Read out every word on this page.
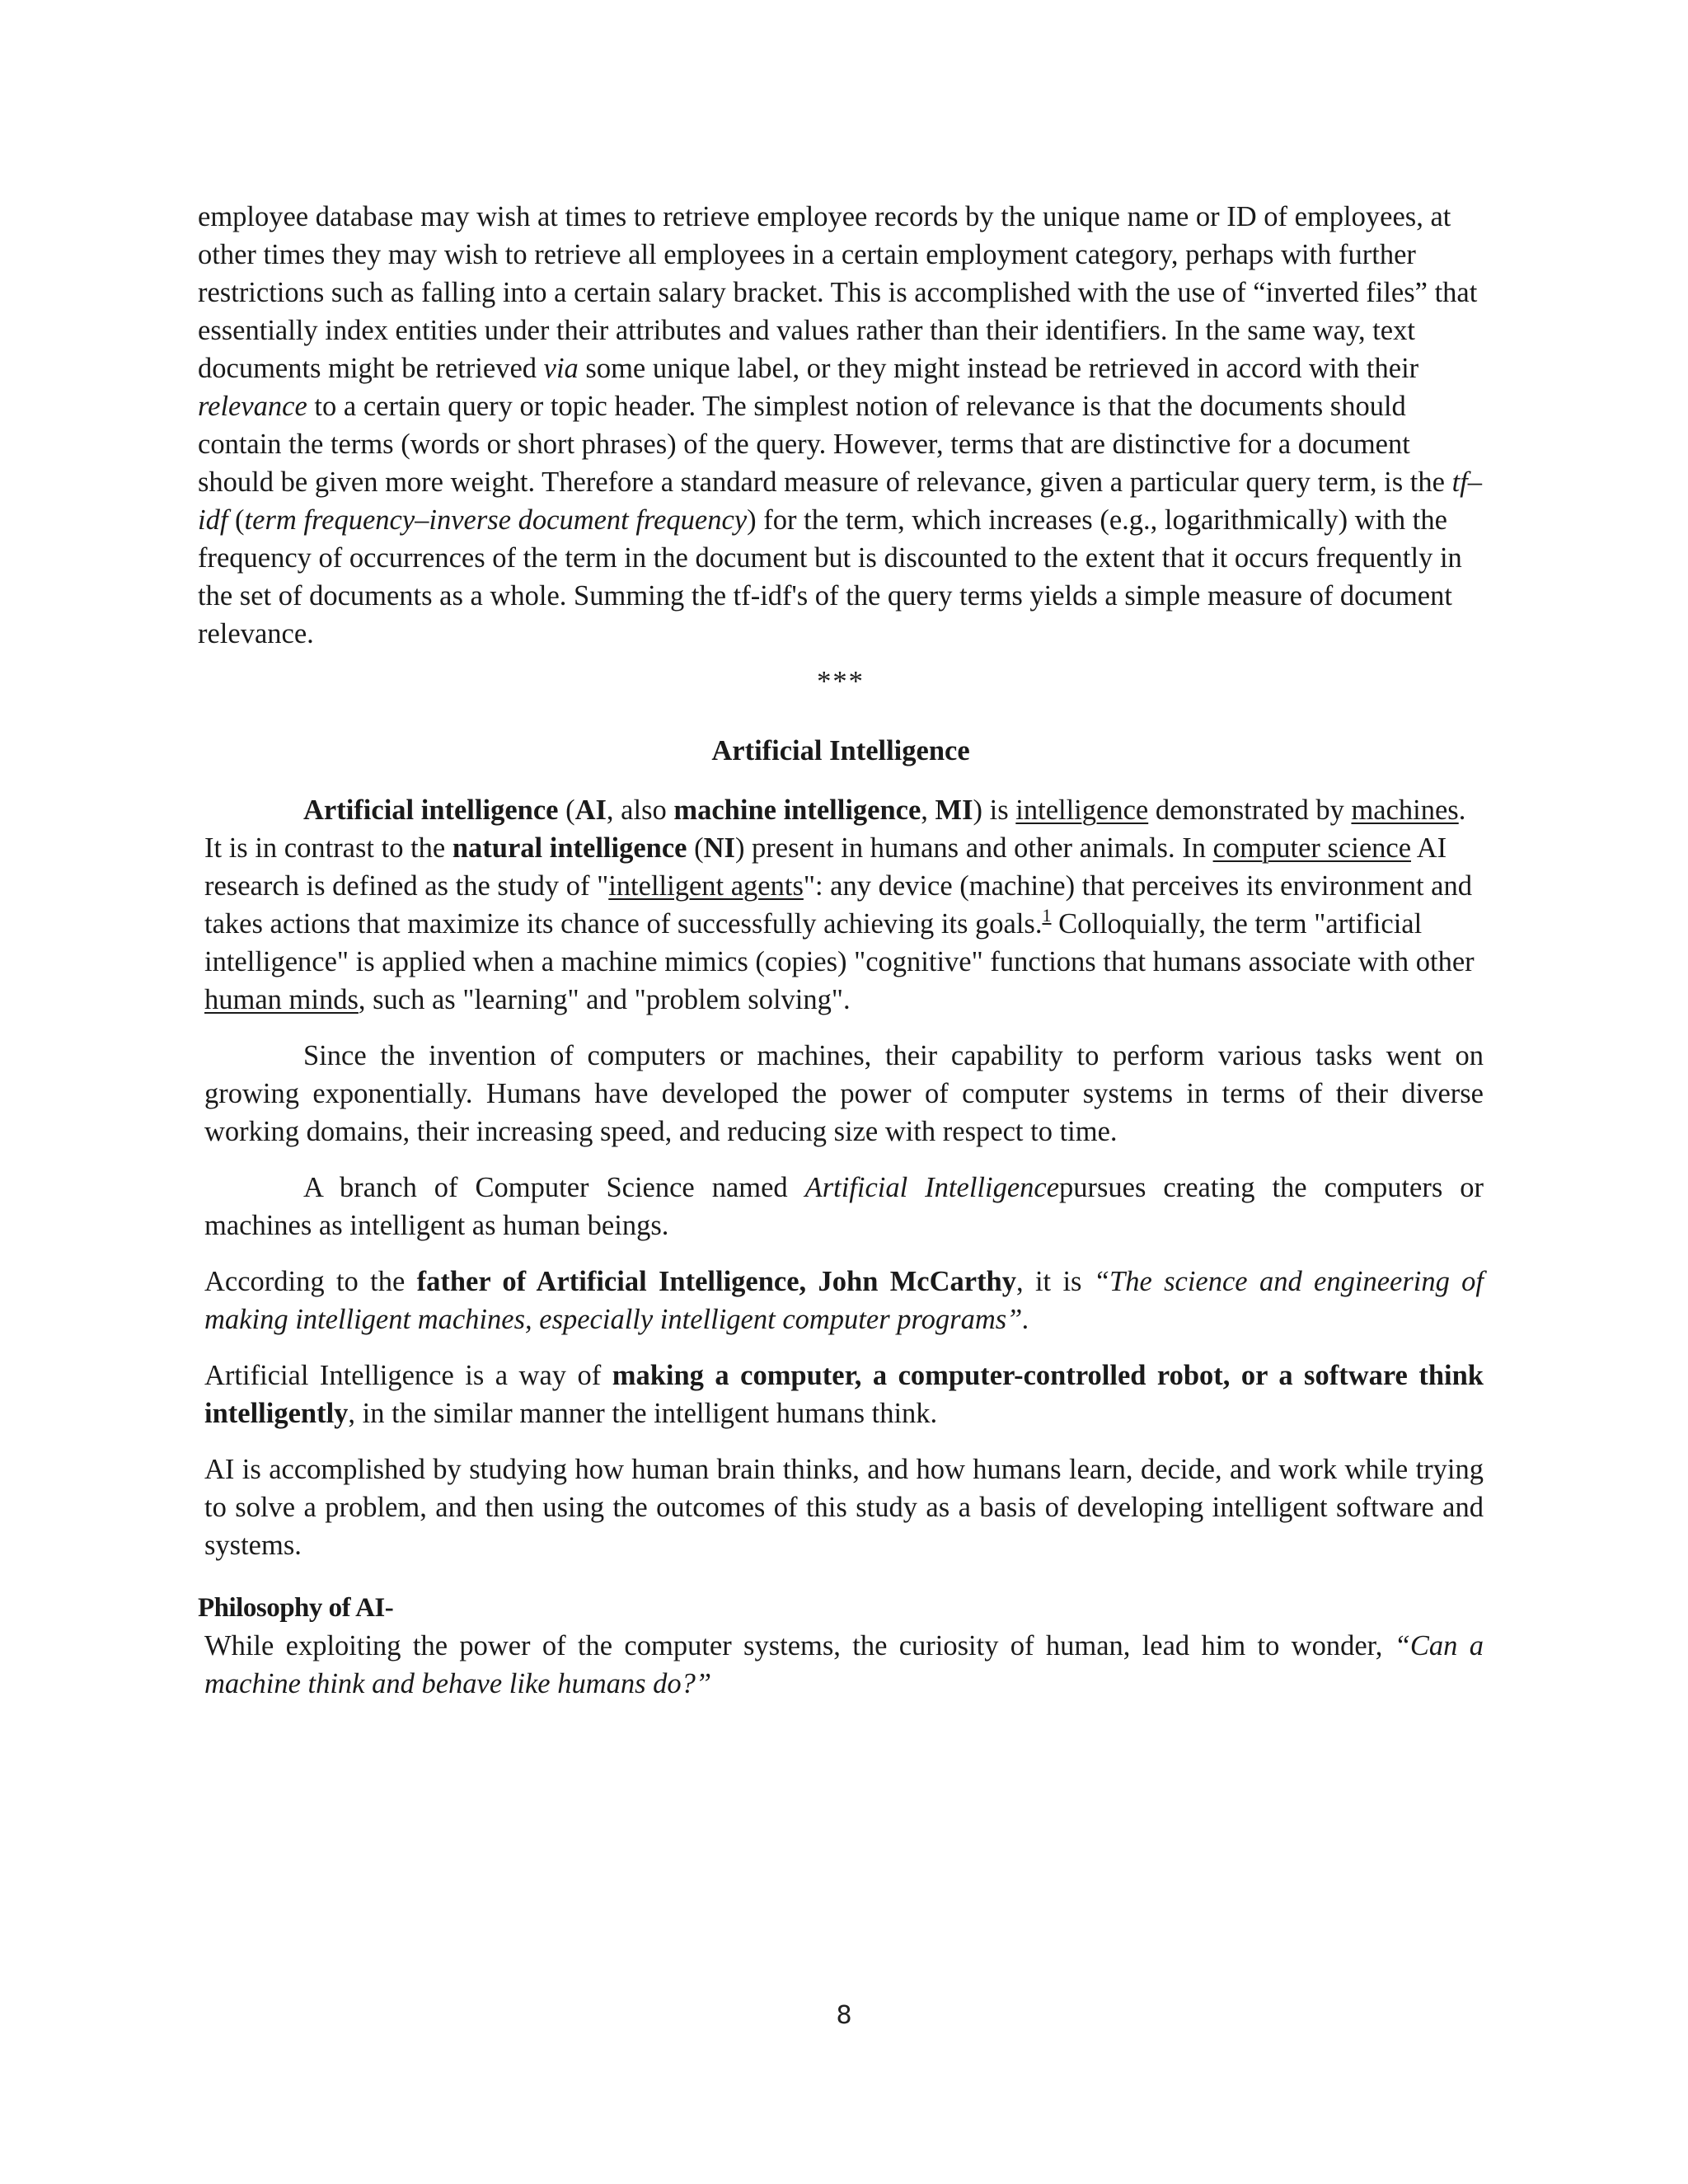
employee database may wish at times to retrieve employee records by the unique name or ID of employees, at other times they may wish to retrieve all employees in a certain employment category, perhaps with further restrictions such as falling into a certain salary bracket. This is accomplished with the use of “inverted files” that essentially index entities under their attributes and values rather than their identifiers. In the same way, text documents might be retrieved via some unique label, or they might instead be retrieved in accord with their relevance to a certain query or topic header. The simplest notion of relevance is that the documents should contain the terms (words or short phrases) of the query. However, terms that are distinctive for a document should be given more weight. Therefore a standard measure of relevance, given a particular query term, is the tf–idf (term frequency–inverse document frequency) for the term, which increases (e.g., logarithmically) with the frequency of occurrences of the term in the document but is discounted to the extent that it occurs frequently in the set of documents as a whole. Summing the tf-idf's of the query terms yields a simple measure of document relevance.

***

Artificial Intelligence

Artificial intelligence (AI, also machine intelligence, MI) is intelligence demonstrated by machines. It is in contrast to the natural intelligence (NI) present in humans and other animals. In computer science AI research is defined as the study of "intelligent agents": any device (machine) that perceives its environment and takes actions that maximize its chance of successfully achieving its goals.$^1$ Colloquially, the term "artificial intelligence" is applied when a machine mimics (copies) "cognitive" functions that humans associate with other human minds, such as "learning" and "problem solving".

Since the invention of computers or machines, their capability to perform various tasks went on growing exponentially. Humans have developed the power of computer systems in terms of their diverse working domains, their increasing speed, and reducing size with respect to time.

A branch of Computer Science named Artificial Intelligencepursues creating the computers or machines as intelligent as human beings.

According to the father of Artificial Intelligence, John McCarthy, it is “The science and engineering of making intelligent machines, especially intelligent computer programs”.

Artificial Intelligence is a way of making a computer, a computer-controlled robot, or a software think intelligently, in the similar manner the intelligent humans think.

AI is accomplished by studying how human brain thinks, and how humans learn, decide, and work while trying to solve a problem, and then using the outcomes of this study as a basis of developing intelligent software and systems.

Philosophy of AI-

While exploiting the power of the computer systems, the curiosity of human, lead him to wonder, “Can a machine think and behave like humans do?”

8
